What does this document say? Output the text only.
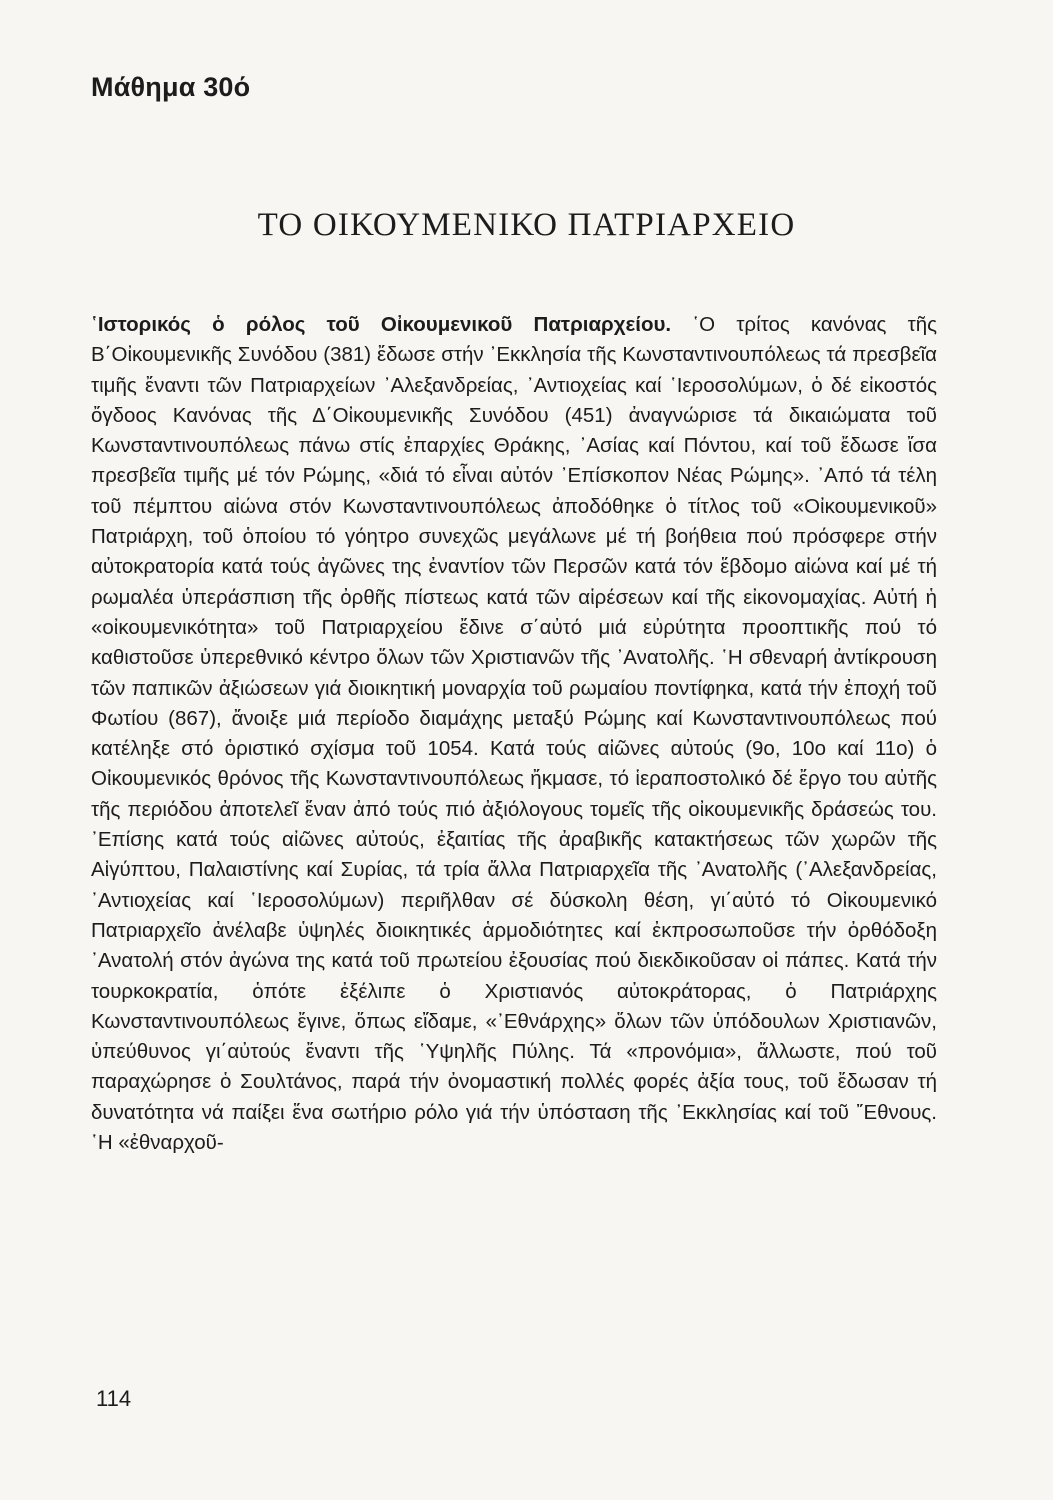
Μάθημα 30ό
ΤΟ ΟΙΚΟΥΜΕΝΙΚΟ ΠΑΤΡΙΑΡΧΕΙΟ
῾Ιστορικός ὁ ρόλος τοῦ Οἰκουμενικοῦ Πατριαρχείου. ῾Ο τρίτος κανόνας τῆς Β΄Οἰκουμενικῆς Συνόδου (381) ἔδωσε στήν ᾿Εκκλησία τῆς Κωνσταντινουπόλεως τά πρεσβεῖα τιμῆς ἔναντι τῶν Πατριαρχείων ᾿Αλεξανδρείας, ᾿Αντιοχείας καί ῾Ιεροσολύμων, ὁ δέ εἰκοστός ὄγδοος Κανόνας τῆς Δ΄Οἰκουμενικῆς Συνόδου (451) ἀναγνώρισε τά δικαιώματα τοῦ Κωνσταντινουπόλεως πάνω στίς ἐπαρχίες Θράκης, ᾿Ασίας καί Πόντου, καί τοῦ ἔδωσε ἴσα πρεσβεῖα τιμῆς μέ τόν Ρώμης, «διά τό εἶναι αὐτόν ᾿Επίσκοπον Νέας Ρώμης». ᾿Από τά τέλη τοῦ πέμπτου αἰώνα στόν Κωνσταντινουπόλεως ἀποδόθηκε ὁ τίτλος τοῦ «Οἰκουμενικοῦ» Πατριάρχη, τοῦ ὁποίου τό γόητρο συνεχῶς μεγάλωνε μέ τή βοήθεια πού πρόσφερε στήν αὐτοκρατορία κατά τούς ἀγῶνες της ἐναντίον τῶν Περσῶν κατά τόν ἕβδομο αἰώνα καί μέ τή ρωμαλέα ὑπεράσπιση τῆς ὀρθῆς πίστεως κατά τῶν αἱρέσεων καί τῆς εἰκονομαχίας. Αὐτή ἡ «οἰκουμενικότητα» τοῦ Πατριαρχείου ἔδινε σ΄αὐτό μιά εὐρύτητα προοπτικῆς πού τό καθιστοῦσε ὑπερεθνικό κέντρο ὅλων τῶν Χριστιανῶν τῆς ᾿Ανατολῆς. ῾Η σθεναρή ἀντίκρουση τῶν παπικῶν ἀξιώσεων γιά διοικητική μοναρχία τοῦ ρωμαίου ποντίφηκα, κατά τήν ἐποχή τοῦ Φωτίου (867), ἄνοιξε μιά περίοδο διαμάχης μεταξύ Ρώμης καί Κωνσταντινουπόλεως πού κατέληξε στό ὁριστικό σχίσμα τοῦ 1054. Κατά τούς αἰῶνες αὐτούς (9ο, 10ο καί 11ο) ὁ Οἰκουμενικός θρόνος τῆς Κωνσταντινουπόλεως ἤκμασε, τό ἱεραποστολικό δέ ἔργο του αὐτῆς τῆς περιόδου ἀποτελεῖ ἕναν ἀπό τούς πιό ἀξιόλογους τομεῖς τῆς οἰκουμενικῆς δράσεώς του. ᾿Επίσης κατά τούς αἰῶνες αὐτούς, ἐξαιτίας τῆς ἀραβικῆς κατακτήσεως τῶν χωρῶν τῆς Αἰγύπτου, Παλαιστίνης καί Συρίας, τά τρία ἄλλα Πατριαρχεῖα τῆς ᾿Ανατολῆς (᾿Αλεξανδρείας, ᾿Αντιοχείας καί ῾Ιεροσολύμων) περιῆλθαν σέ δύσκολη θέση, γι΄αὐτό τό Οἰκουμενικό Πατριαρχεῖο ἀνέλαβε ὑψηλές διοικητικές ἁρμοδιότητες καί ἐκπροσωποῦσε τήν ὀρθόδοξη ᾿Ανατολή στόν ἀγώνα της κατά τοῦ πρωτείου ἐξουσίας πού διεκδικοῦσαν οἱ πάπες. Κατά τήν τουρκοκρατία, ὁπότε ἐξέλιπε ὁ Χριστιανός αὐτοκράτορας, ὁ Πατριάρχης Κωνσταντινουπόλεως ἔγινε, ὅπως εἴδαμε, «᾿Εθνάρχης» ὅλων τῶν ὑπόδουλων Χριστιανῶν, ὑπεύθυνος γι΄αὐτούς ἔναντι τῆς ῾Υψηλῆς Πύλης. Τά «προνόμια», ἄλλωστε, πού τοῦ παραχώρησε ὁ Σουλτάνος, παρά τήν ὀνομαστική πολλές φορές ἀξία τους, τοῦ ἔδωσαν τή δυνατότητα νά παίξει ἕνα σωτήριο ρόλο γιά τήν ὑπόσταση τῆς ᾿Εκκλησίας καί τοῦ ῎Εθνους. ῾Η «ἐθναρχοῦ-
114
